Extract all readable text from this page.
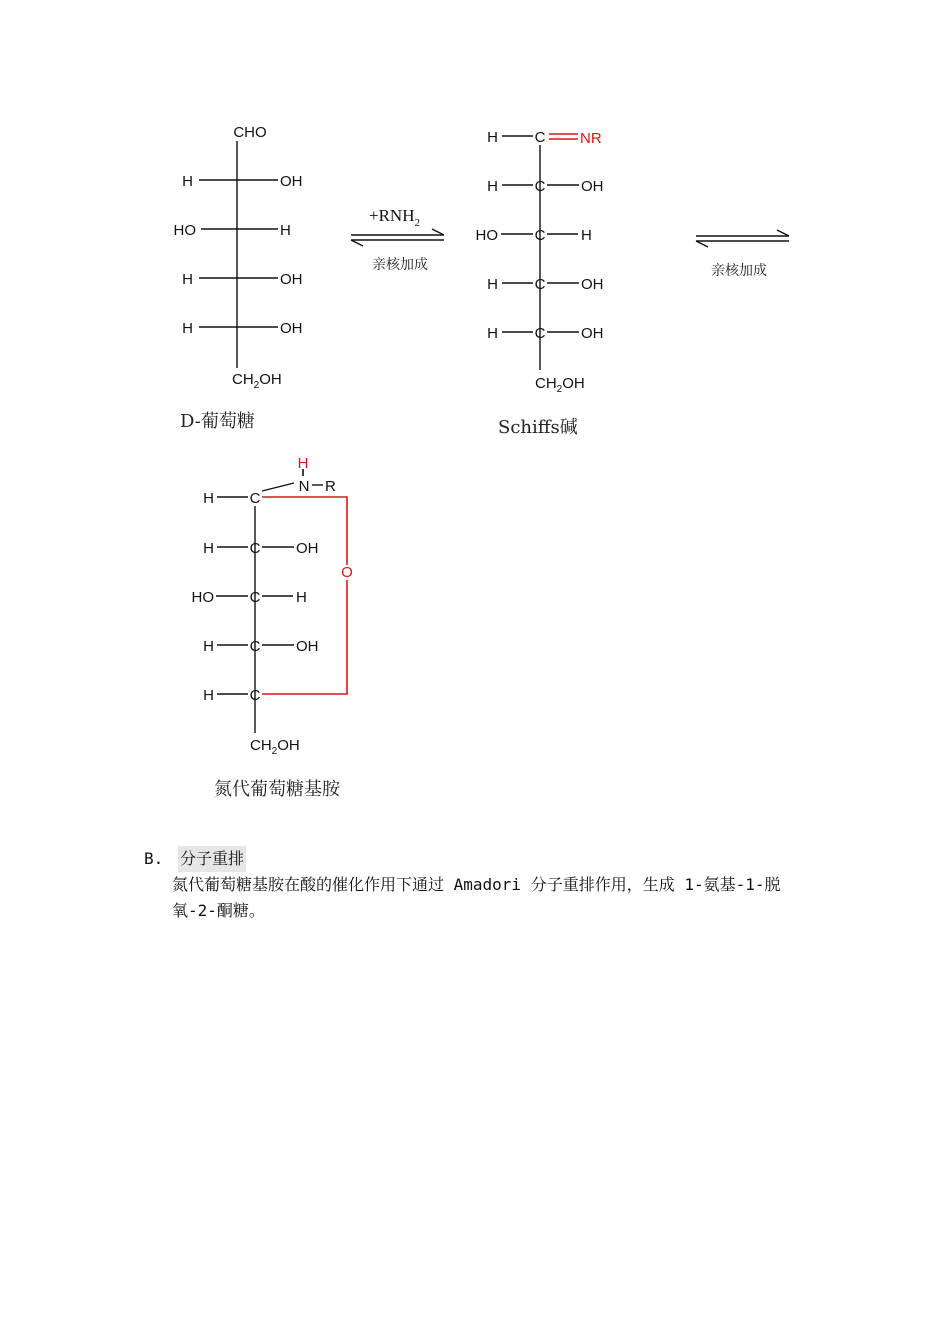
CHO
H	OH
HO	H
H	OH
H	OH
$CH_2OH$
D-葡萄糖
$+RNH_2$
亲核加成
H C NR
H C OH
HO C H
H C OH
H C OH
$CH_2OH$
Schiffs碱
亲核加成
H
N R
O
H C
H C OH
HO C H
H C OH
H C
$CH_2OH$
氮代葡萄糖基胺
B.	分子重排
氮代葡萄糖基胺在酸的催化作用下通过 Amadori 分子重排作用，生成 1-氨基-1-脱氧-2-酮糖。
